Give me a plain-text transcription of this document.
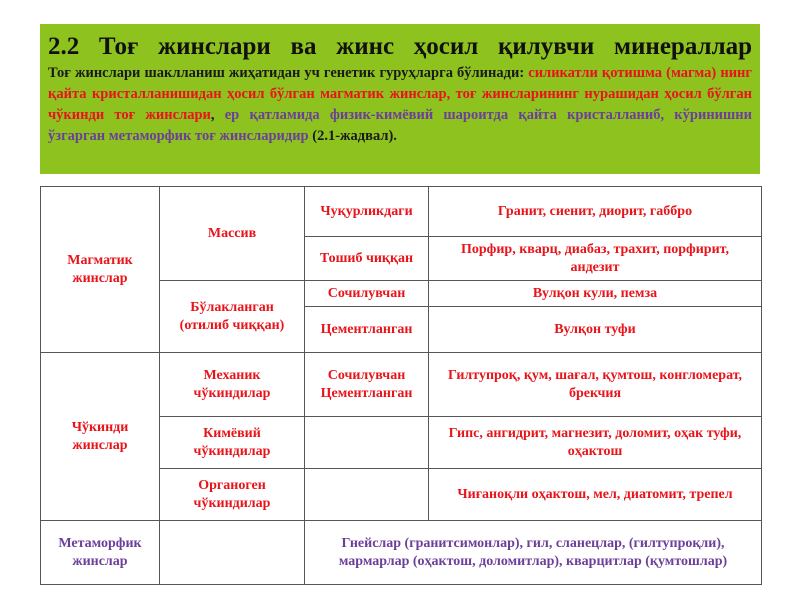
2.2 Тоғ жинслари ва жинс ҳосил қилувчи минераллар
Тоғ жинслари шаклланиш жиҳатидан уч генетик гуруҳларга бўлинади: силикатли қотишма (магма) нинг қайта кристалланишидан ҳосил бўлган магматик жинслар, тоғ жинсларининг нурашидан ҳосил бўлган чўкинди тоғ жинслари, ер қатламида физик-кимёвий шароитда қайта кристалланиб, кўринишни ўзгарган метаморфик тоғ жинсларидир (2.1-жадвал).
Магматик жинслар	Массив	Чуқурликдаги	Гранит, сиенит, диорит, габбро
		Тошиб чиққан	Порфир, кварц, диабаз, трахит, порфирит, андезит
	Бўлакланган (отилиб чиққан)	Сочилувчан	Вулқон кули, пемза
		Цементланган	Вулқон туфи
Чўкинди жинслар	Механик чўкиндилар	Сочилувчан Цементланган	Гилтупроқ, қум, шағал, қумтош, конгломерат, брекчия
	Кимёвий чўкиндилар		Гипс, ангидрит, магнезит, доломит, оҳак туфи, оҳактош
	Органоген чўкиндилар		Чиғаноқли оҳактош, мел, диатомит, трепел
Метаморфик жинслар		Гнейслар (гранитсимонлар), гил, сланецлар, (гилтупроқли), мармарлар (оҳактош, доломитлар), кварцитлар (қумтошлар)	
